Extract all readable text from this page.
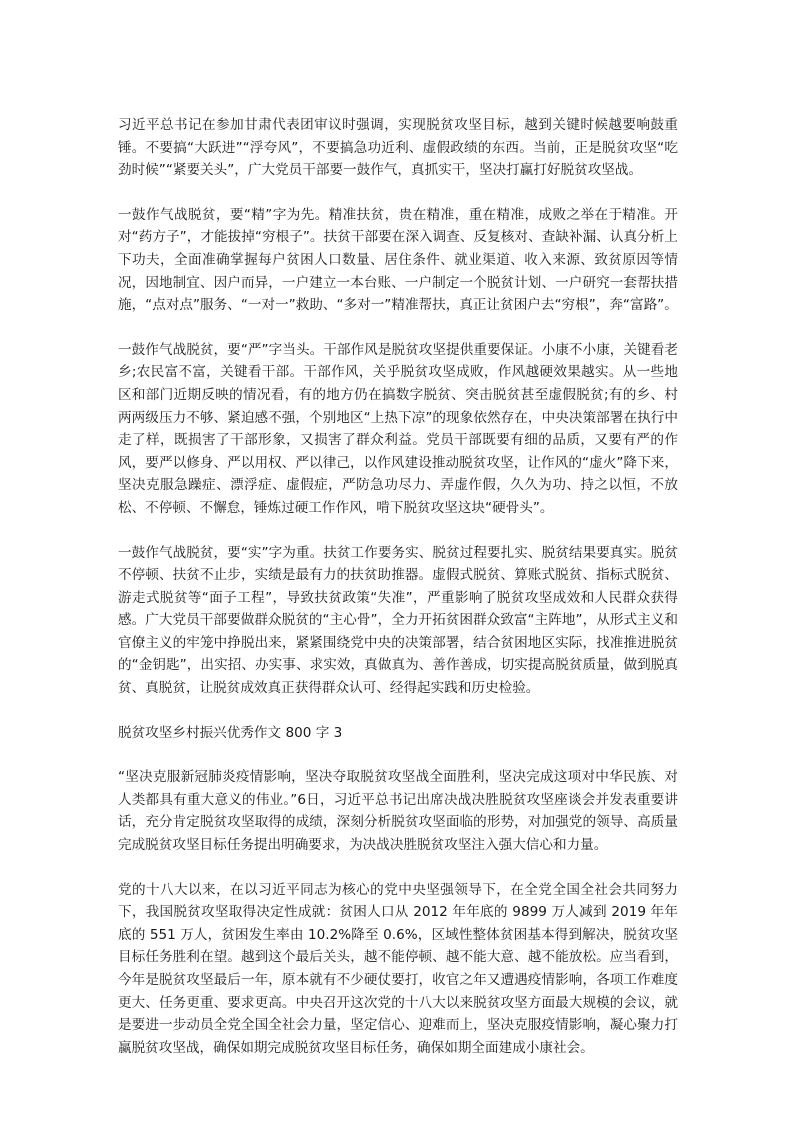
习近平总书记在参加甘肃代表团审议时强调，实现脱贫攻坚目标，越到关键时候越要响鼓重锤。不要搞“大跃进”“浮夸风”，不要搞急功近利、虚假政绩的东西。当前，正是脱贫攻坚“吃劲时候”“紧要关头”，广大党员干部要一鼓作气，真抓实干，坚决打赢打好脱贫攻坚战。

一鼓作气战脱贫，要“精”字为先。精准扶贫，贵在精准，重在精准，成败之举在于精准。开对“药方子”，才能拔掉“穷根子”。扶贫干部要在深入调查、反复核对、查缺补漏、认真分析上下功夫，全面准确掌握每户贫困人口数量、居住条件、就业渠道、收入来源、致贫原因等情况，因地制宜、因户而异，一户建立一本台账、一户制定一个脱贫计划、一户研究一套帮扶措施，“点对点”服务、“一对一”救助、“多对一”精准帮扶，真正让贫困户去“穷根”，奔“富路”。

一鼓作气战脱贫，要“严”字当头。干部作风是脱贫攻坚提供重要保证。小康不小康，关键看老乡;农民富不富，关键看干部。干部作风，关乎脱贫攻坚成败，作风越硬效果越实。从一些地区和部门近期反映的情况看，有的地方仍在搞数字脱贫、突击脱贫甚至虚假脱贫;有的乡、村两两级压力不够、紧迫感不强，个别地区“上热下凉”的现象依然存在，中央决策部署在执行中走了样，既损害了干部形象，又损害了群众利益。党员干部既要有细的品质，又要有严的作风，要严以修身、严以用权、严以律己，以作风建设推动脱贫攻坚，让作风的“虚火”降下来，坚决克服急躁症、漂浮症、虚假症，严防急功尽力、弄虚作假，久久为功、持之以恒，不放松、不停顿、不懈怠，锤炼过硬工作作风，啃下脱贫攻坚这块“硬骨头”。

一鼓作气战脱贫，要“实”字为重。扶贫工作要务实、脱贫过程要扎实、脱贫结果要真实。脱贫不停顿、扶贫不止步，实绩是最有力的扶贫助推器。虚假式脱贫、算账式脱贫、指标式脱贫、游走式脱贫等“面子工程”，导致扶贫政策“失准”，严重影响了脱贫攻坚成效和人民群众获得感。广大党员干部要做群众脱贫的“主心骨”，全力开拓贫困群众致富“主阵地”，从形式主义和官僚主义的牢笼中挣脱出来，紧紧围绕党中央的决策部署，结合贫困地区实际，找准推进脱贫的“金钥匙”，出实招、办实事、求实效，真做真为、善作善成，切实提高脱贫质量，做到脱真贫、真脱贫，让脱贫成效真正获得群众认可、经得起实践和历史检验。

脱贫攻坚乡村振兴优秀作文 800 字 3

“坚决克服新冠肺炎疫情影响，坚决夺取脱贫攻坚战全面胜利，坚决完成这项对中华民族、对人类都具有重大意义的伟业。”6日，习近平总书记出席决战决胜脱贫攻坚座谈会并发表重要讲话，充分肯定脱贫攻坚取得的成绩，深刻分析脱贫攻坚面临的形势，对加强党的领导、高质量完成脱贫攻坚目标任务提出明确要求，为决战决胜脱贫攻坚注入强大信心和力量。

党的十八大以来，在以习近平同志为核心的党中央坚强领导下，在全党全国全社会共同努力下，我国脱贫攻坚取得决定性成就：贫困人口从 2012 年年底的 9899 万人减到 2019 年年底的 551 万人，贫困发生率由 10.2%降至 0.6%，区域性整体贫困基本得到解决，脱贫攻坚目标任务胜利在望。越到这个最后关头，越不能停顿、越不能大意、越不能放松。应当看到，今年是脱贫攻坚最后一年，原本就有不少硬仗要打，收官之年又遭遇疫情影响，各项工作难度更大、任务更重、要求更高。中央召开这次党的十八大以来脱贫攻坚方面最大规模的会议，就是要进一步动员全党全国全社会力量，坚定信心、迎难而上，坚决克服疫情影响，凝心聚力打赢脱贫攻坚战，确保如期完成脱贫攻坚目标任务，确保如期全面建成小康社会。
